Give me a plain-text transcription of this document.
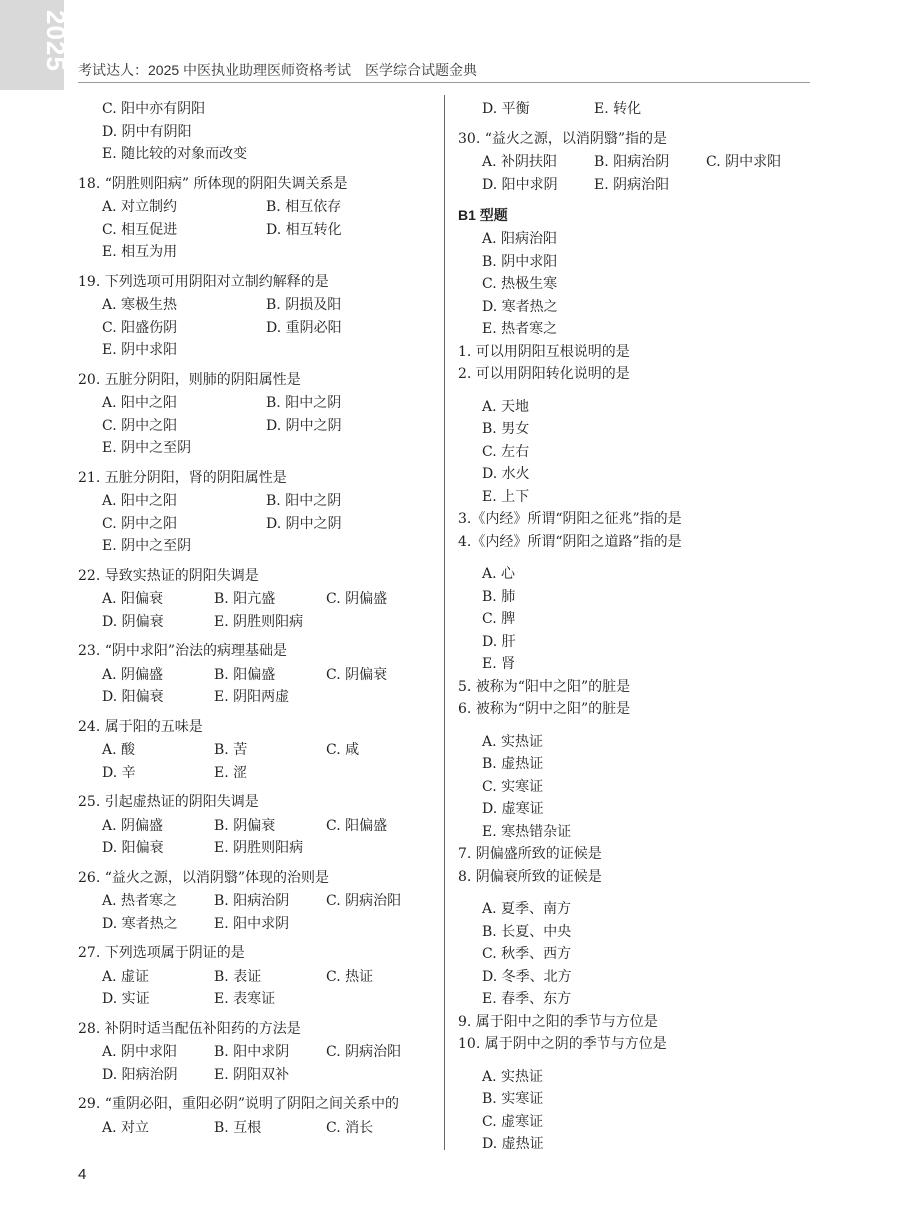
2025 考试达人：2025 中医执业助理医师资格考试 医学综合试题金典
C. 阳中亦有阴阳
D. 阴中有阴阳
E. 随比较的对象而改变
18. “阴胜则阳病” 所体现的阴阳失调关系是
A. 对立制约	B. 相互依存
C. 相互促进	D. 相互转化
E. 相互为用
19. 下列选项可用阴阳对立制约解释的是
A. 寒极生热	B. 阴损及阳
C. 阳盛伤阴	D. 重阴必阳
E. 阴中求阳
20. 五脏分阴阳，则肺的阴阳属性是
A. 阳中之阳	B. 阳中之阴
C. 阴中之阳	D. 阴中之阴
E. 阴中之至阴
21. 五脏分阴阳，肾的阴阳属性是
A. 阳中之阳	B. 阳中之阴
C. 阴中之阳	D. 阴中之阴
E. 阴中之至阴
22. 导致实热证的阴阳失调是
A. 阳偏衰	B. 阳亢盛	C. 阴偏盛
D. 阴偏衰	E. 阴胜则阳病
23. “阴中求阳”治法的病理基础是
A. 阴偏盛	B. 阳偏盛	C. 阴偏衰
D. 阳偏衰	E. 阴阳两虚
24. 属于阳的五味是
A. 酸	B. 苦	C. 咸
D. 辛	E. 涩
25. 引起虚热证的阴阳失调是
A. 阴偏盛	B. 阴偏衰	C. 阳偏盛
D. 阳偏衰	E. 阴胜则阳病
26. “益火之源，以消阴翳”体现的治则是
A. 热者寒之	B. 阳病治阴	C. 阴病治阳
D. 寒者热之	E. 阳中求阴
27. 下列选项属于阴证的是
A. 虚证	B. 表证	C. 热证
D. 实证	E. 表寒证
28. 补阴时适当配伍补阳药的方法是
A. 阴中求阳	B. 阳中求阴	C. 阴病治阳
D. 阳病治阴	E. 阴阳双补
29. “重阴必阳，重阳必阴”说明了阴阳之间关系中的
A. 对立	B. 互根	C. 消长
D. 平衡	E. 转化
30. “益火之源，以消阴翳”指的是
A. 补阴扶阳	B. 阳病治阴	C. 阴中求阳
D. 阳中求阴	E. 阴病治阳
B1 型题
A. 阳病治阳
B. 阴中求阳
C. 热极生寒
D. 寒者热之
E. 热者寒之
1. 可以用阴阳互根说明的是
2. 可以用阴阳转化说明的是
A. 天地
B. 男女
C. 左右
D. 水火
E. 上下
3.《内经》所谓“阴阳之征兆”指的是
4.《内经》所谓“阴阳之道路”指的是
A. 心
B. 肺
C. 脾
D. 肝
E. 肾
5. 被称为“阳中之阳”的脏是
6. 被称为“阴中之阳”的脏是
A. 实热证
B. 虚热证
C. 实寒证
D. 虚寒证
E. 寒热错杂证
7. 阴偏盛所致的证候是
8. 阴偏衰所致的证候是
A. 夏季、南方
B. 长夏、中央
C. 秋季、西方
D. 冬季、北方
E. 春季、东方
9. 属于阳中之阳的季节与方位是
10. 属于阴中之阴的季节与方位是
A. 实热证
B. 实寒证
C. 虚寒证
D. 虚热证
4
